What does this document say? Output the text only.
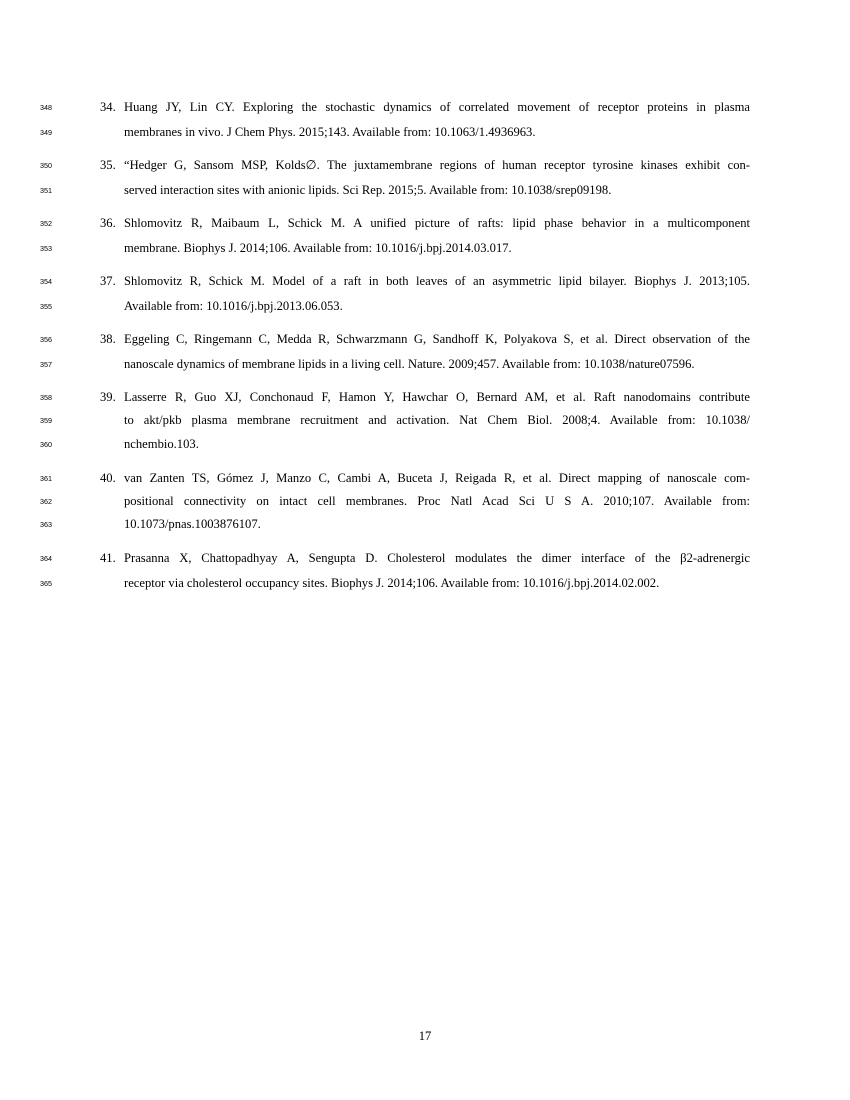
348	34. Huang JY, Lin CY. Exploring the stochastic dynamics of correlated movement of receptor proteins in plasma
349	membranes in vivo. J Chem Phys. 2015;143. Available from: 10.1063/1.4936963.
350	35. “Hedger G, Sansom MSP, Kolds∅. The juxtamembrane regions of human receptor tyrosine kinases exhibit con-
351	served interaction sites with anionic lipids. Sci Rep. 2015;5. Available from: 10.1038/srep09198.
352	36. Shlomovitz R, Maibaum L, Schick M. A unified picture of rafts: lipid phase behavior in a multicomponent
353	membrane. Biophys J. 2014;106. Available from: 10.1016/j.bpj.2014.03.017.
354	37. Shlomovitz R, Schick M. Model of a raft in both leaves of an asymmetric lipid bilayer. Biophys J. 2013;105.
355	Available from: 10.1016/j.bpj.2013.06.053.
356	38. Eggeling C, Ringemann C, Medda R, Schwarzmann G, Sandhoff K, Polyakova S, et al. Direct observation of the
357	nanoscale dynamics of membrane lipids in a living cell. Nature. 2009;457. Available from: 10.1038/nature07596.
358	39. Lasserre R, Guo XJ, Conchonaud F, Hamon Y, Hawchar O, Bernard AM, et al. Raft nanodomains contribute
359	to akt/pkb plasma membrane recruitment and activation. Nat Chem Biol. 2008;4. Available from: 10.1038/
360	nchembio.103.
361	40. van Zanten TS, Gómez J, Manzo C, Cambi A, Buceta J, Reigada R, et al. Direct mapping of nanoscale com-
362	positional connectivity on intact cell membranes. Proc Natl Acad Sci U S A. 2010;107. Available from:
363	10.1073/pnas.1003876107.
364	41. Prasanna X, Chattopadhyay A, Sengupta D. Cholesterol modulates the dimer interface of the β2-adrenergic
365	receptor via cholesterol occupancy sites. Biophys J. 2014;106. Available from: 10.1016/j.bpj.2014.02.002.
17
